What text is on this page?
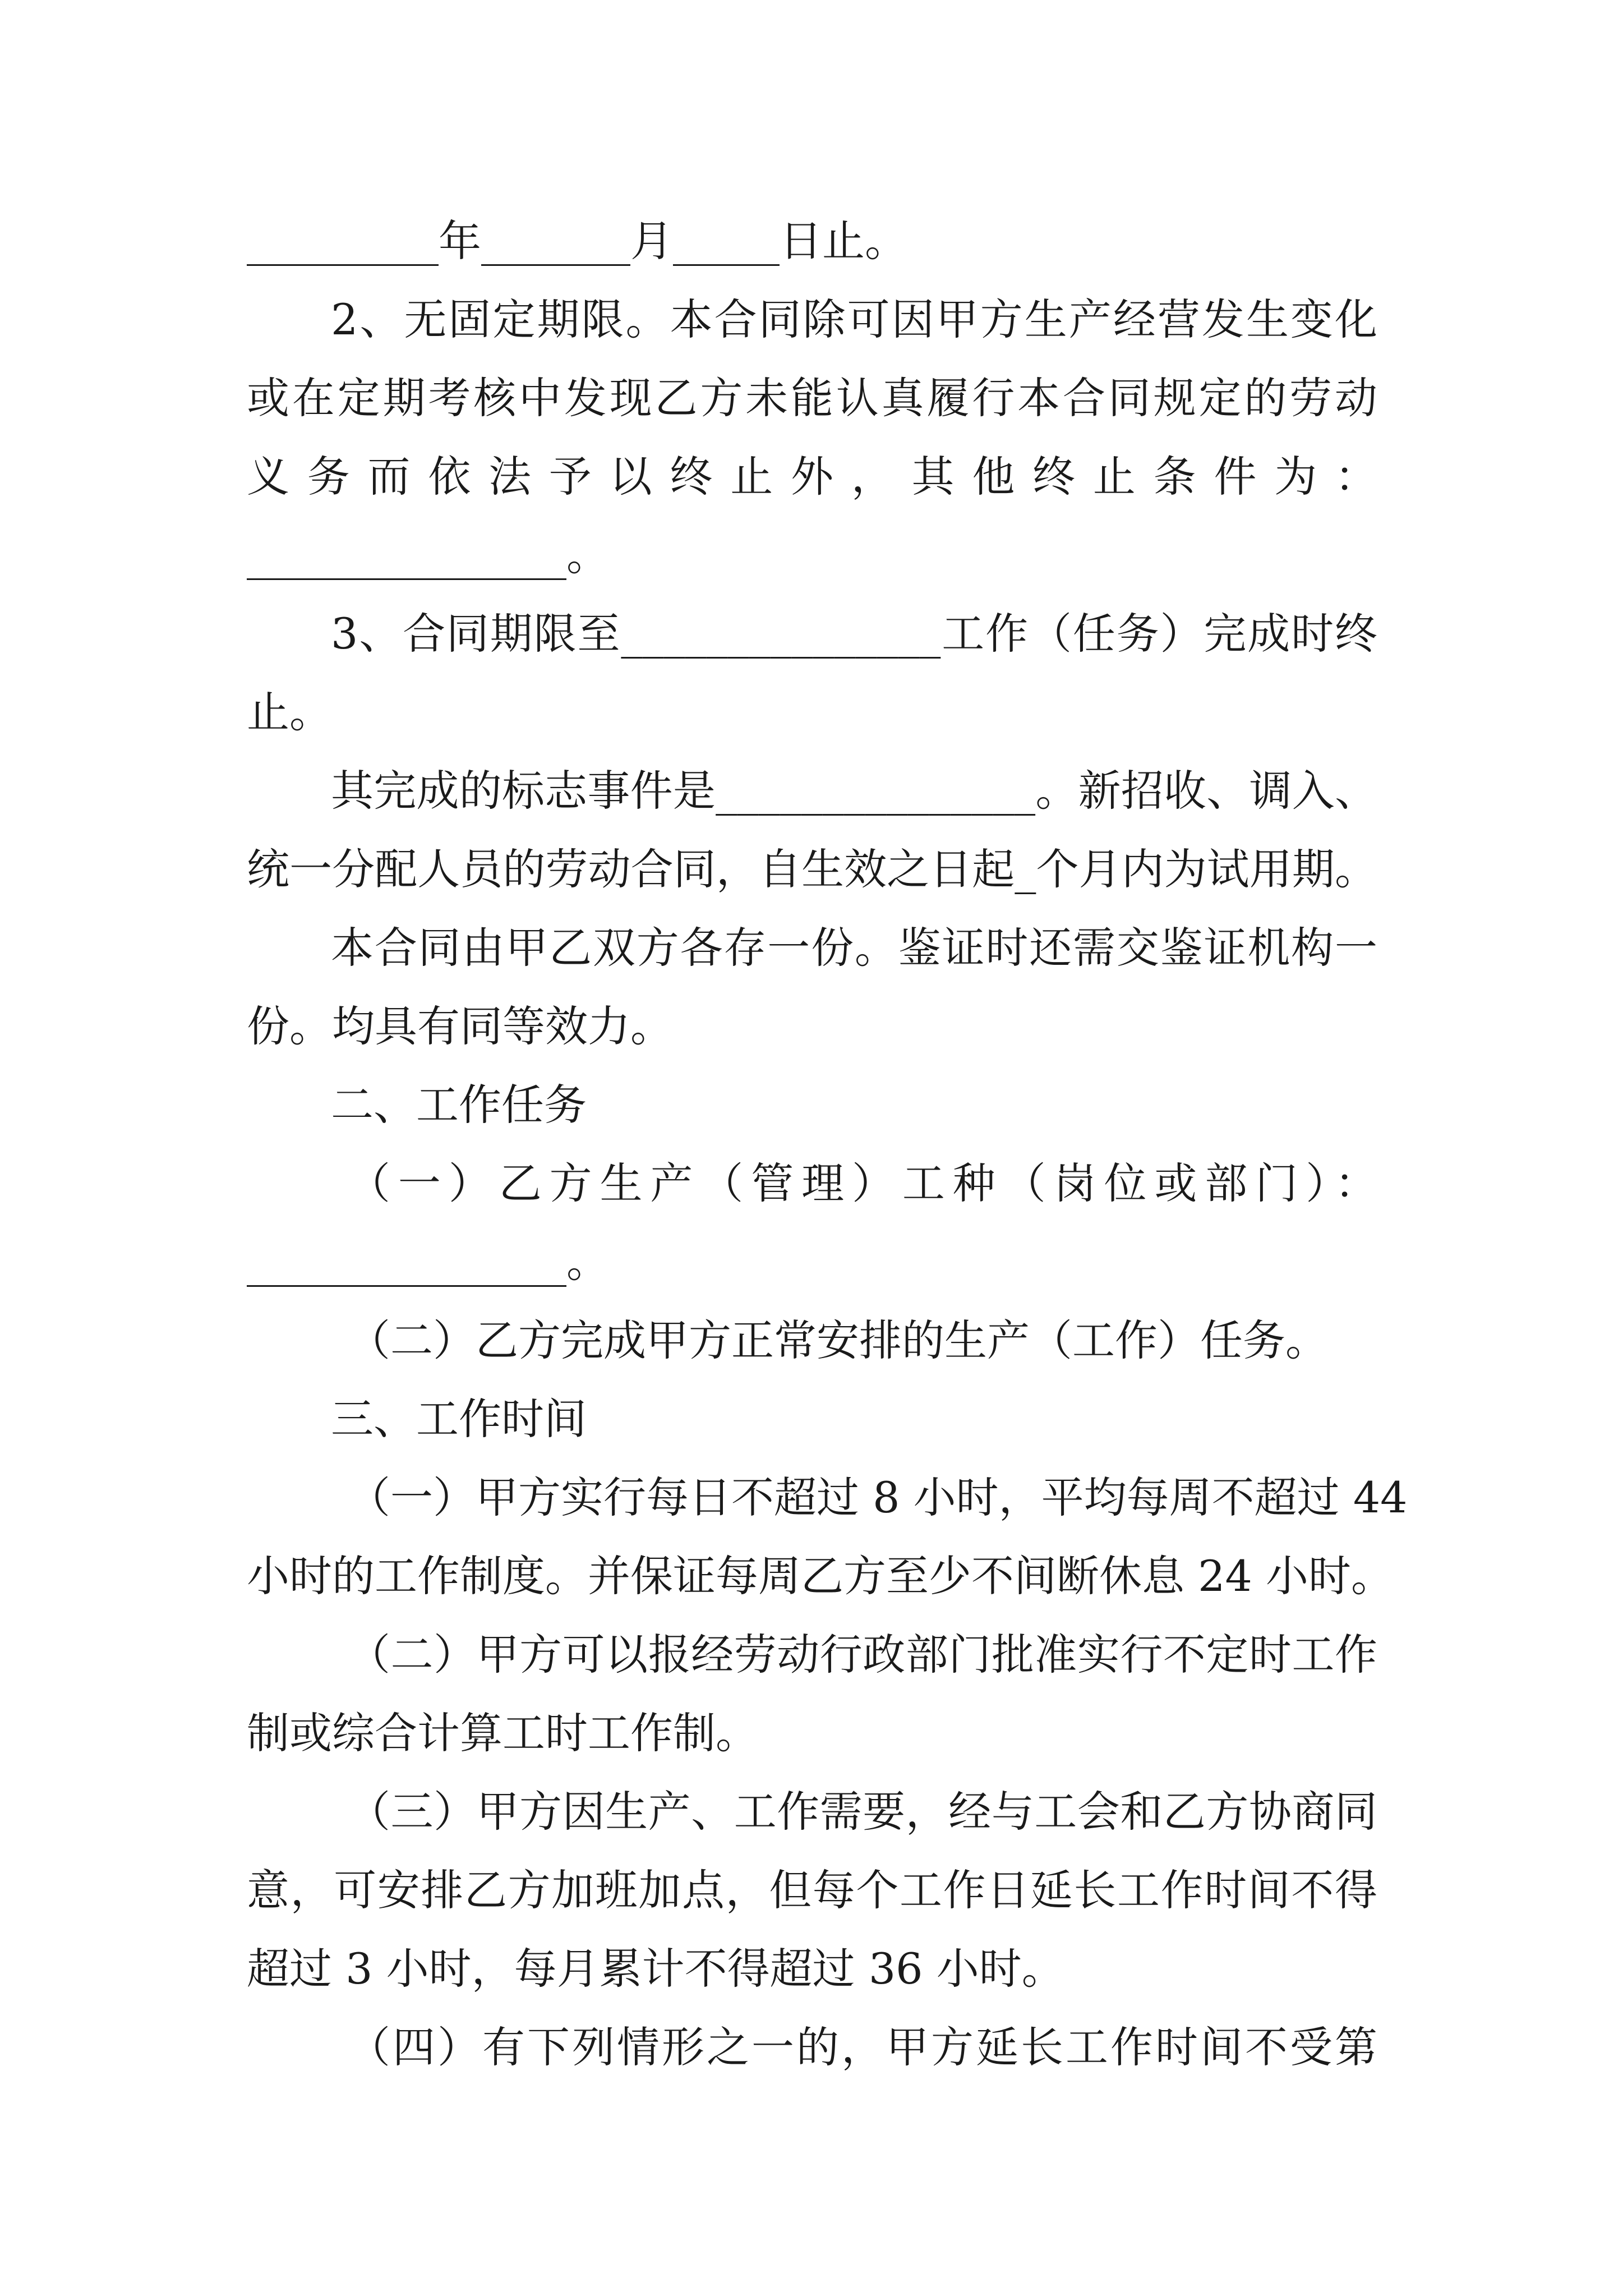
_________年_______月_____日止。
2、无固定期限。本合同除可因甲方生产经营发生变化
或在定期考核中发现乙方未能认真履行本合同规定的劳动
义务而依法予以终止外，其他终止条件为：
_______________。
3、合同期限至_______________工作（任务）完成时终
止。
其完成的标志事件是_______________。新招收、调入、
统一分配人员的劳动合同，自生效之日起_个月内为试用期。
本合同由甲乙双方各存一份。鉴证时还需交鉴证机构一
份。均具有同等效力。
二、工作任务
（一）乙方生产（管理）工种（岗位或部门）：
_______________。
（二）乙方完成甲方正常安排的生产（工作）任务。
三、工作时间
（一）甲方实行每日不超过 8 小时，平均每周不超过 44
小时的工作制度。并保证每周乙方至少不间断休息 24 小时。
（二）甲方可以报经劳动行政部门批准实行不定时工作
制或综合计算工时工作制。
（三）甲方因生产、工作需要，经与工会和乙方协商同
意，可安排乙方加班加点，但每个工作日延长工作时间不得
超过 3 小时，每月累计不得超过 36 小时。
（四）有下列情形之一的，甲方延长工作时间不受第
